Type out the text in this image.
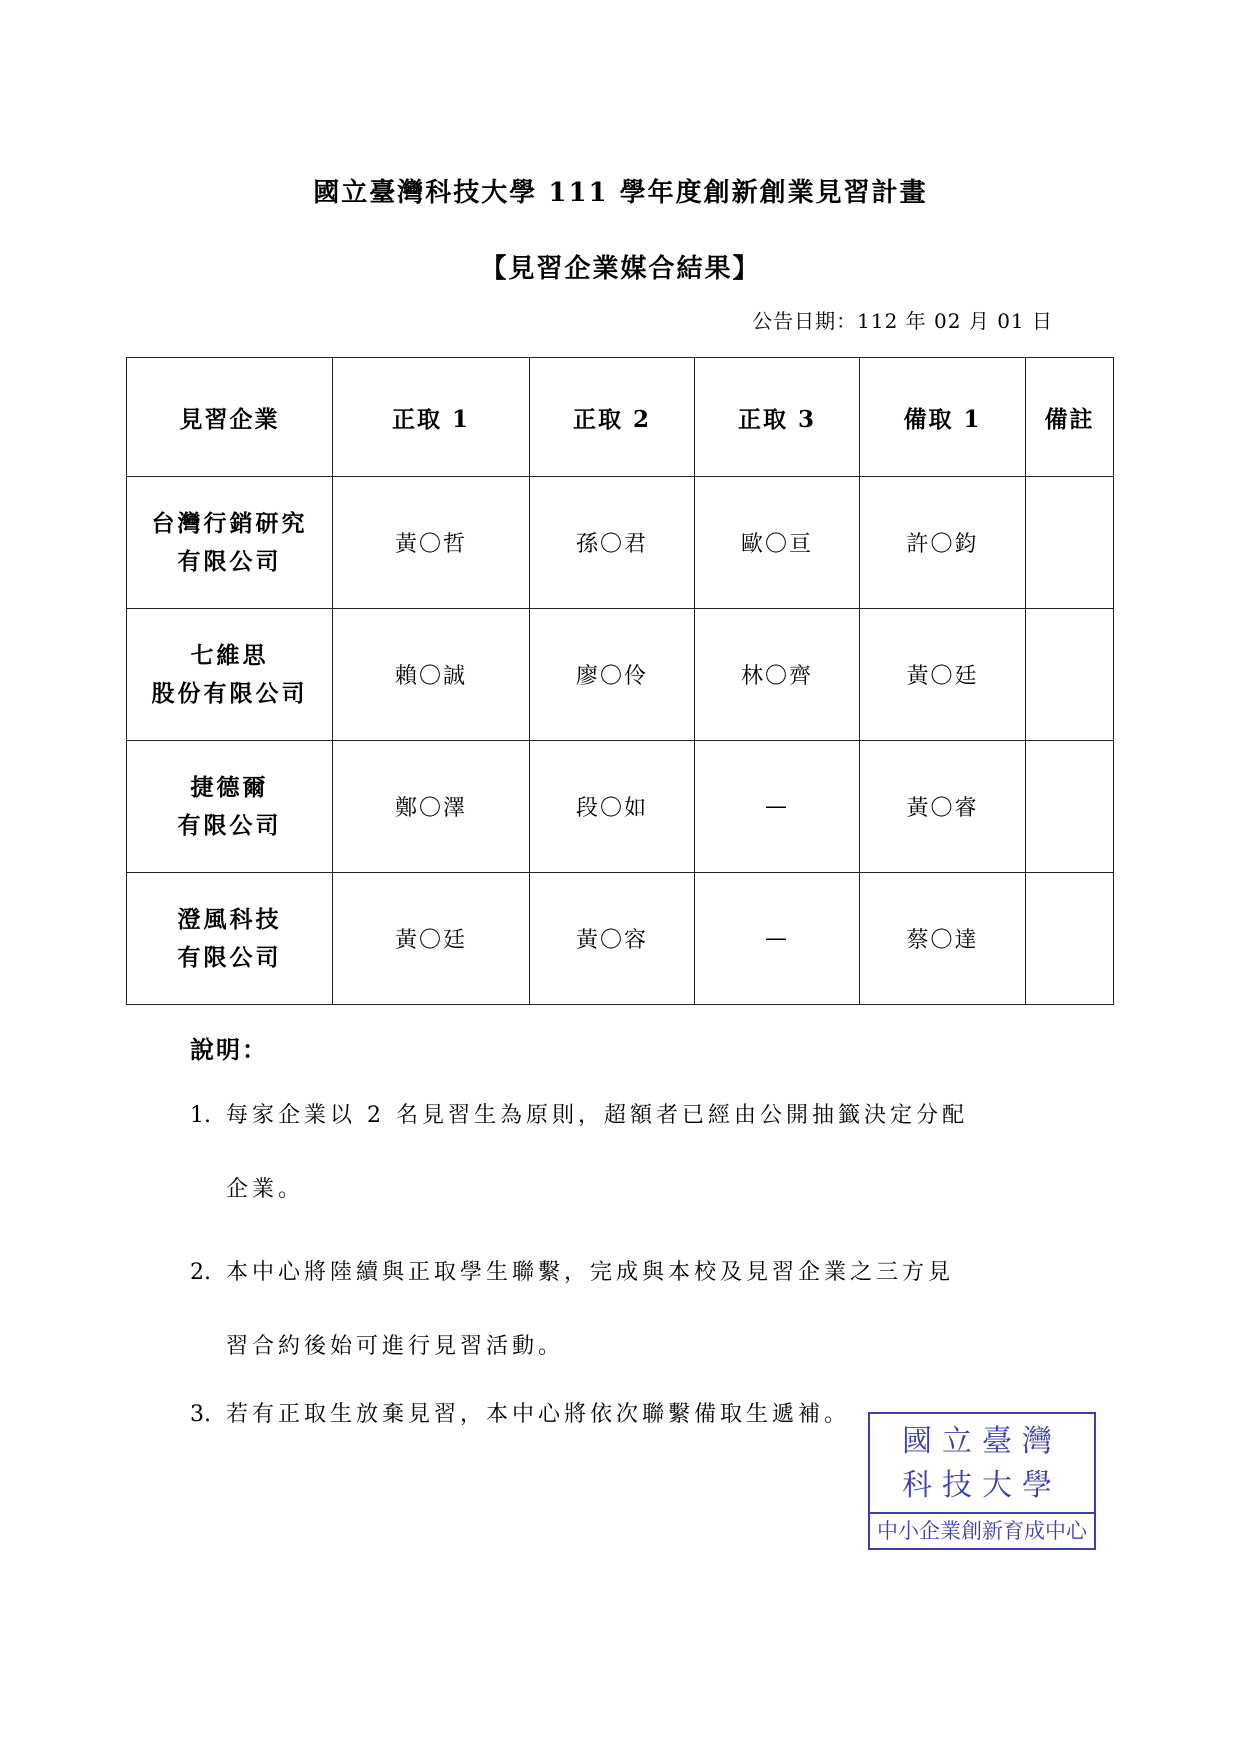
國立臺灣科技大學 111 學年度創新創業見習計畫
【見習企業媒合結果】
公告日期：112 年 02 月 01 日
見習企業	正取 1	正取 2	正取 3	備取 1	備註
台灣行銷研究
有限公司	黃〇哲	孫〇君	歐〇亘	許〇鈞	
七維思
股份有限公司	賴〇誠	廖〇伶	林〇齊	黃〇廷	
捷德爾
有限公司	鄭〇澤	段〇如	—	黃〇睿	
澄風科技
有限公司	黃〇廷	黃〇容	—	蔡〇達	
說明：
1. 每家企業以 2 名見習生為原則，超額者已經由公開抽籤決定分配
企業。
2. 本中心將陸續與正取學生聯繫，完成與本校及見習企業之三方見
習合約後始可進行見習活動。
3. 若有正取生放棄見習，本中心將依次聯繫備取生遞補。
國立臺灣
科技大學
中小企業創新育成中心
